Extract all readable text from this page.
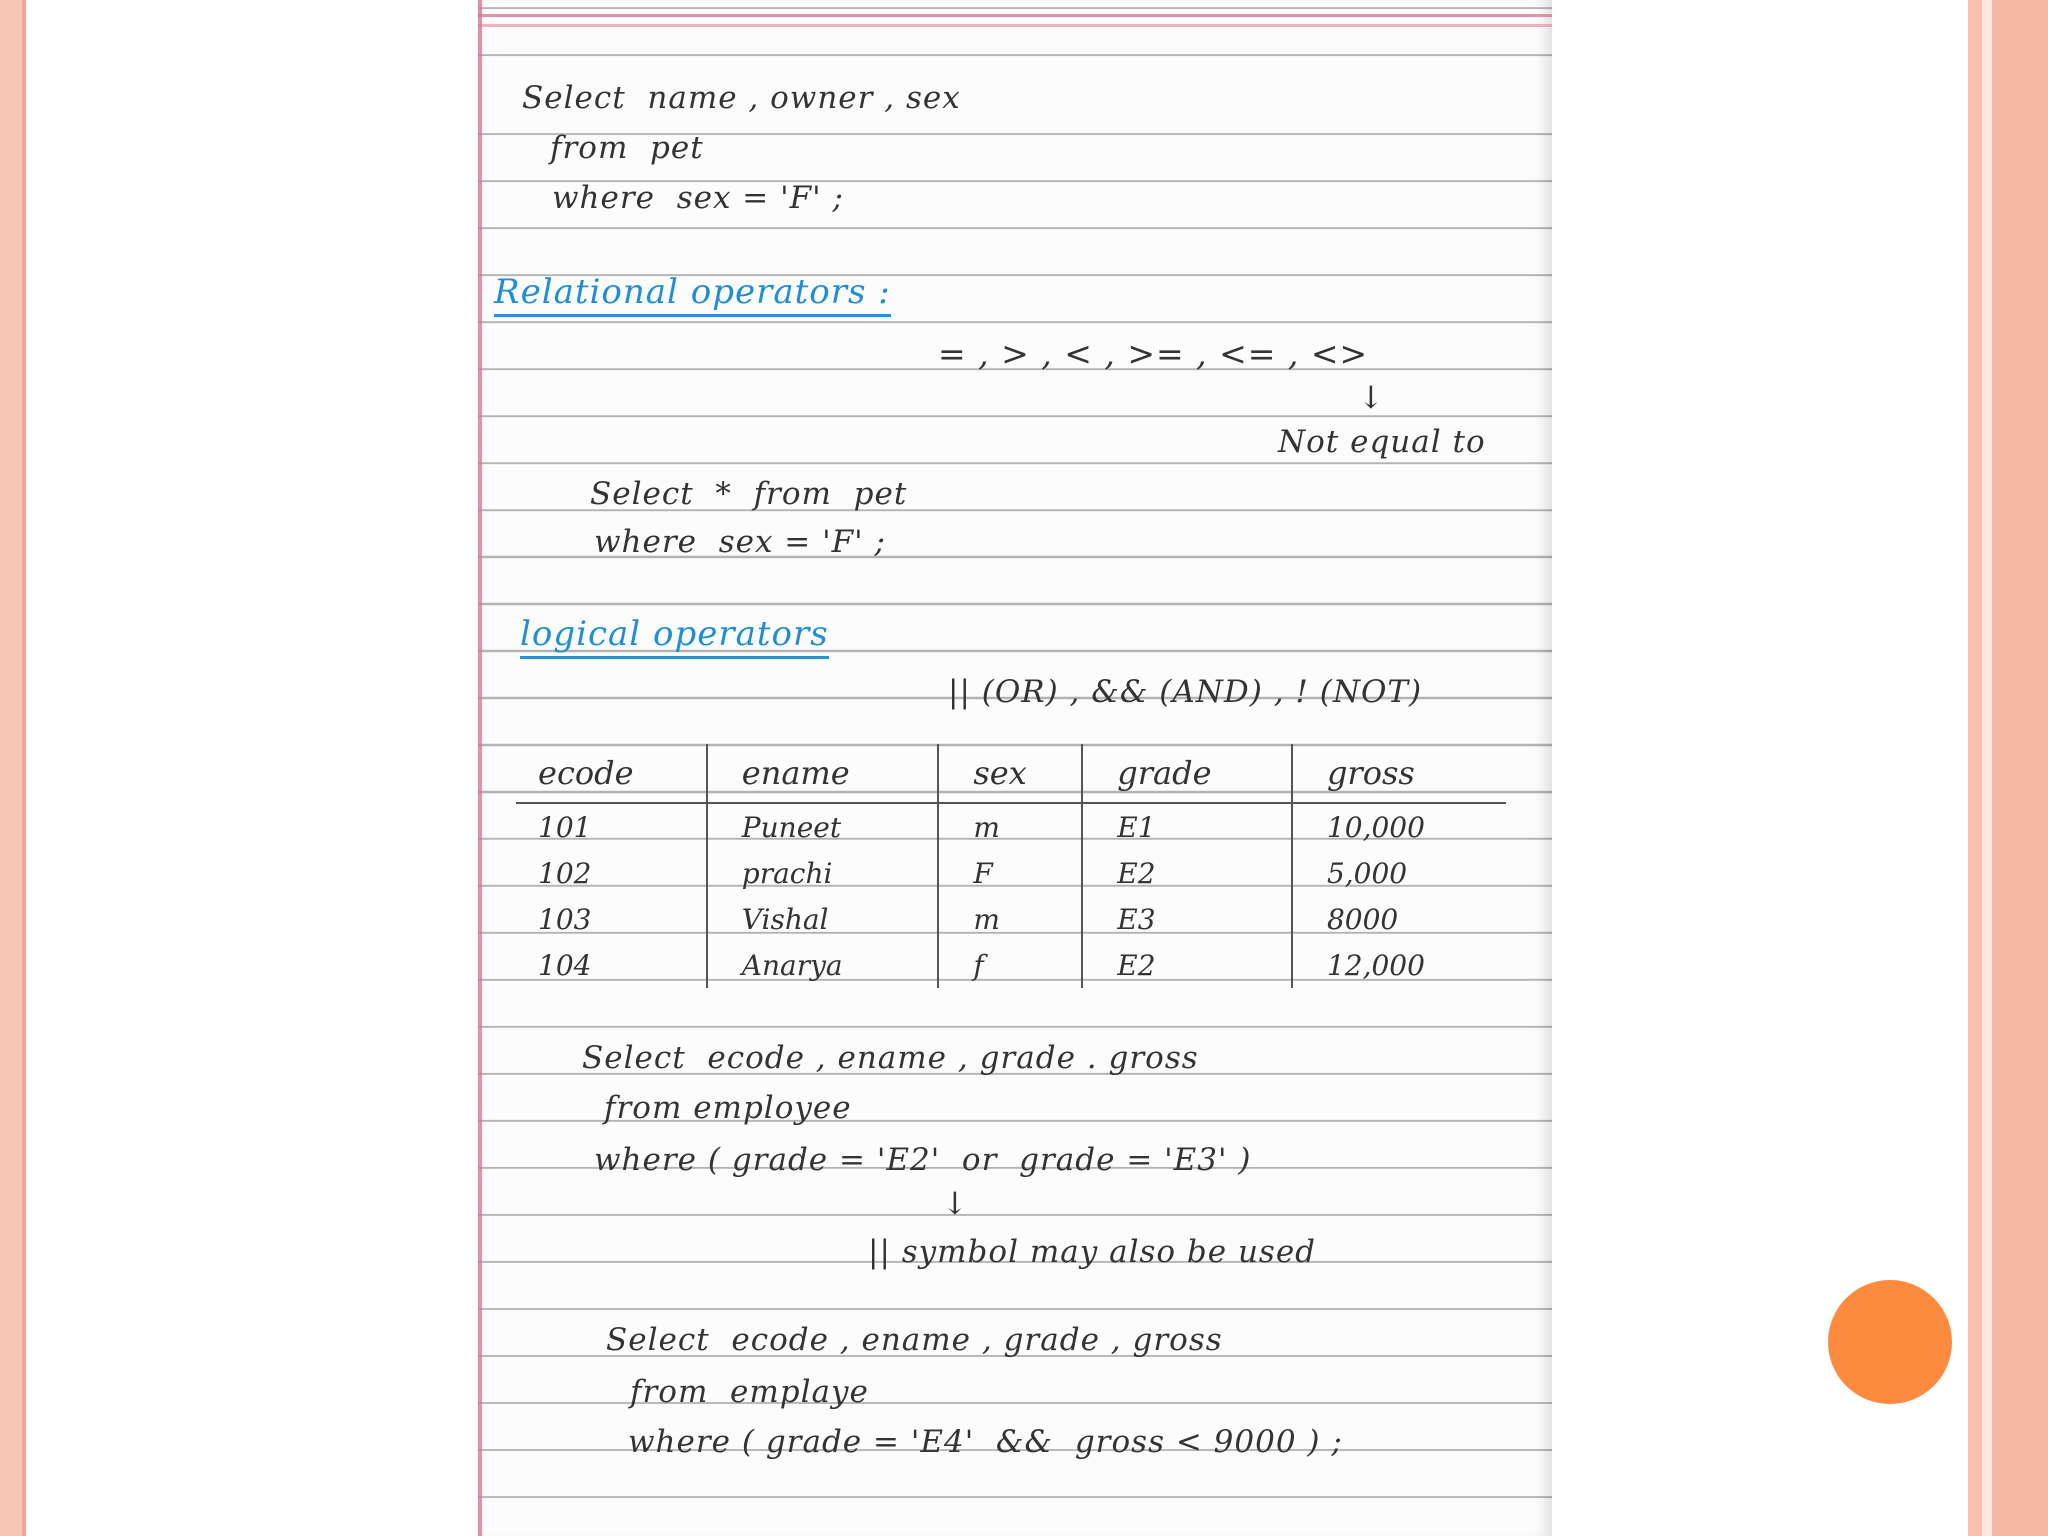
Select  name , owner , sex

from  pet

where  sex = 'F' ;

Relational operators :

= , > , < , >= , <= , <>

↓

Not equal to

Select  *  from  pet

where  sex = 'F' ;

logical operators

|| (OR) , && (AND) , ! (NOT)

ecode	ename	sex	grade	gross
101	Puneet	m	E1	10,000
102	prachi	F	E2	5,000
103	Vishal	m	E3	8000
104	Anarya	f	E2	12,000

Select  ecode , ename , grade . gross

from employee

where ( grade = 'E2'  or  grade = 'E3' )

↓

|| symbol may also be used

Select  ecode , ename , grade , gross

from  emplaye

where ( grade = 'E4'  &&  gross < 9000 ) ;
